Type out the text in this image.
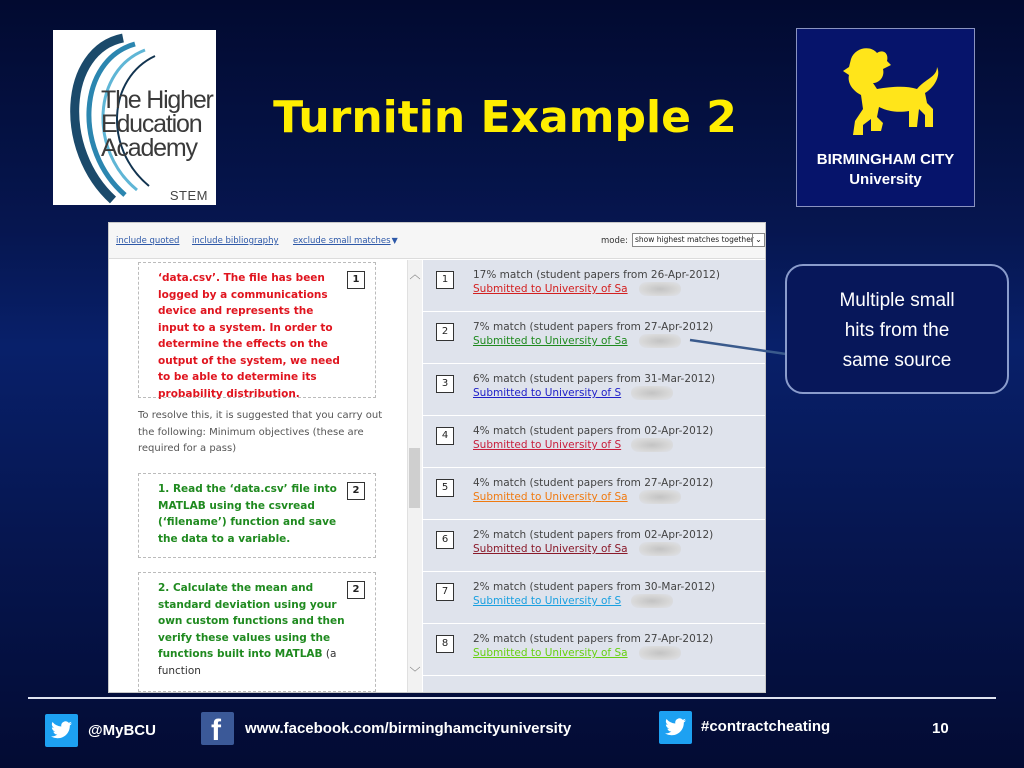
The Higher
Education
Academy
STEM
Turnitin Example 2
BIRMINGHAM CITY
University
include quoted include bibliography exclude small matches▼	mode: show highest matches together ⌄
‘data.csv’. The file has been logged by a communications device and represents the input to a system. In order to determine the effects on the output of the system, we need to be able to determine its probability distribution.
1
To resolve this, it is suggested that you carry out the following: Minimum objectives (these are required for a pass)
1. Read the ‘data.csv’ file into MATLAB using the csvread (‘filename’) function and save the data to a variable.
2
2. Calculate the mean and standard deviation using your own custom functions and then verify these values using the functions built into MATLAB (a function
2
︿
﹀
1	17% match (student papers from 26-Apr-2012)
Submitted to University of Sa
2	7% match (student papers from 27-Apr-2012)
Submitted to University of Sa
3	6% match (student papers from 31-Mar-2012)
Submitted to University of S
4	4% match (student papers from 02-Apr-2012)
Submitted to University of S
5	4% match (student papers from 27-Apr-2012)
Submitted to University of Sa
6	2% match (student papers from 02-Apr-2012)
Submitted to University of Sa
7	2% match (student papers from 30-Mar-2012)
Submitted to University of S
8	2% match (student papers from 27-Apr-2012)
Submitted to University of Sa
Multiple small
hits from the
same source
@MyBCU f www.facebook.com/birminghamcityuniversity	#contractcheating	10
